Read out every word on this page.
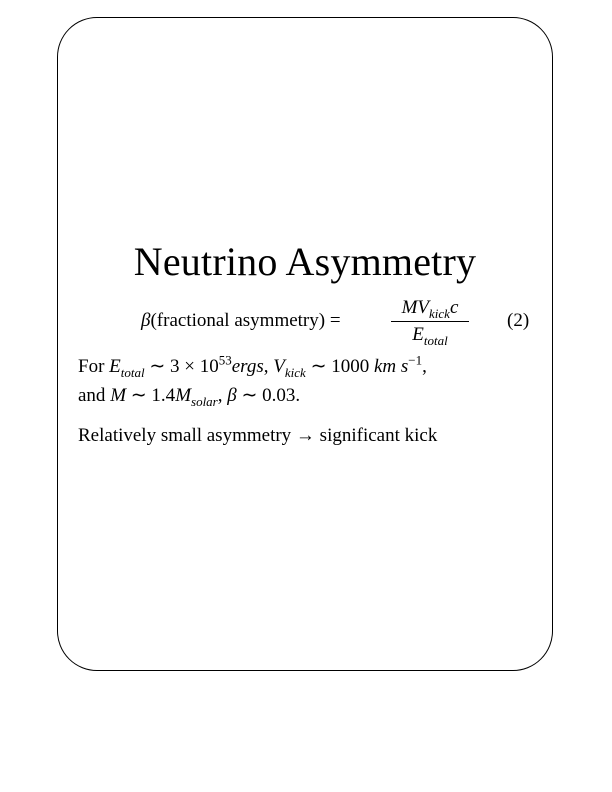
Neutrino Asymmetry
β(fractional asymmetry) =
$MV_{kick}c$
$E_{total}$
(2)
For $E_{total}$ ∼ $3 \times 10^{53}ergs$, $V_{kick}$ ∼ 1000 km $s^{-1}$,
and M ∼ $1.4M_{solar}$, β ∼ 0.03.
Relatively small asymmetry → significant kick
